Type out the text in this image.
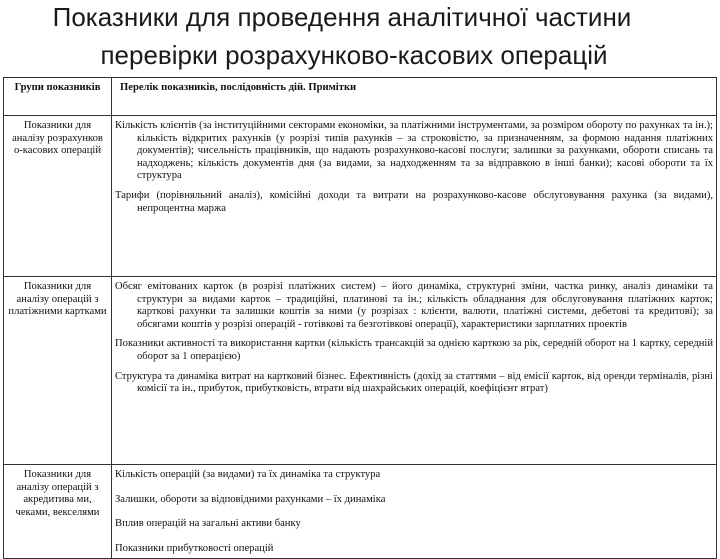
Показники для проведення аналітичної частини
перевірки розрахунково-касових операцій
Групи показників	Перелік показників, послідовність дій. Примітки
Показники для аналізу розрахунков о-касових операцій	Кількість клієнтів (за інституційними секторами економіки, за платіжними інструментами, за розміром обороту по рахунках та ін.); кількість відкритих рахунків (у розрізі типів рахунків – за строковістю, за призначенням, за формою надання платіжних документів); чисельність працівників, що надають розрахунково-касові послуги; залишки за рахунками, обороти списань та надходжень; кількість документів дня (за видами, за надходженням та за відправкою в інші банки); касові обороти та їх структура
Тарифи (порівняльний аналіз), комісійні доходи та витрати на розрахунково-касове обслуговування рахунка (за видами), непроцентна маржа

Показники для аналізу операцій з платіжними картками	Обсяг емітованих карток (в розрізі платіжних систем) – його динаміка, структурні зміни, частка ринку, аналіз динаміки та структури за видами карток – традиційні, платинові та ін.; кількість обладнання для обслуговування платіжних карток; карткові рахунки та залишки коштів за ними (у розрізах : клієнти, валюти, платіжні системи, дебетові та кредитові); за обсягами коштів у розрізі операцій - готівкові та безготівкові операції), характеристики зарплатних проектів
Показники активності та використання картки (кількість трансакцій за однією карткою за рік, середній оборот на 1 картку, середній оборот за 1 операцією)
Структура та динаміка витрат на картковий бізнес. Ефективність (дохід за статтями – від емісії карток, від оренди терміналів, різні комісії та ін., прибуток, прибутковість, втрати від шахрайських операцій, коефіцієнт втрат)

Показники для аналізу операцій з акредитива ми, чеками, векселями	Кількість операцій (за видами) та їх динаміка та структура
Залишки, обороти за відповідними рахунками – їх динаміка
Вплив операцій на загальні активи банку
Показники прибутковості операцій
